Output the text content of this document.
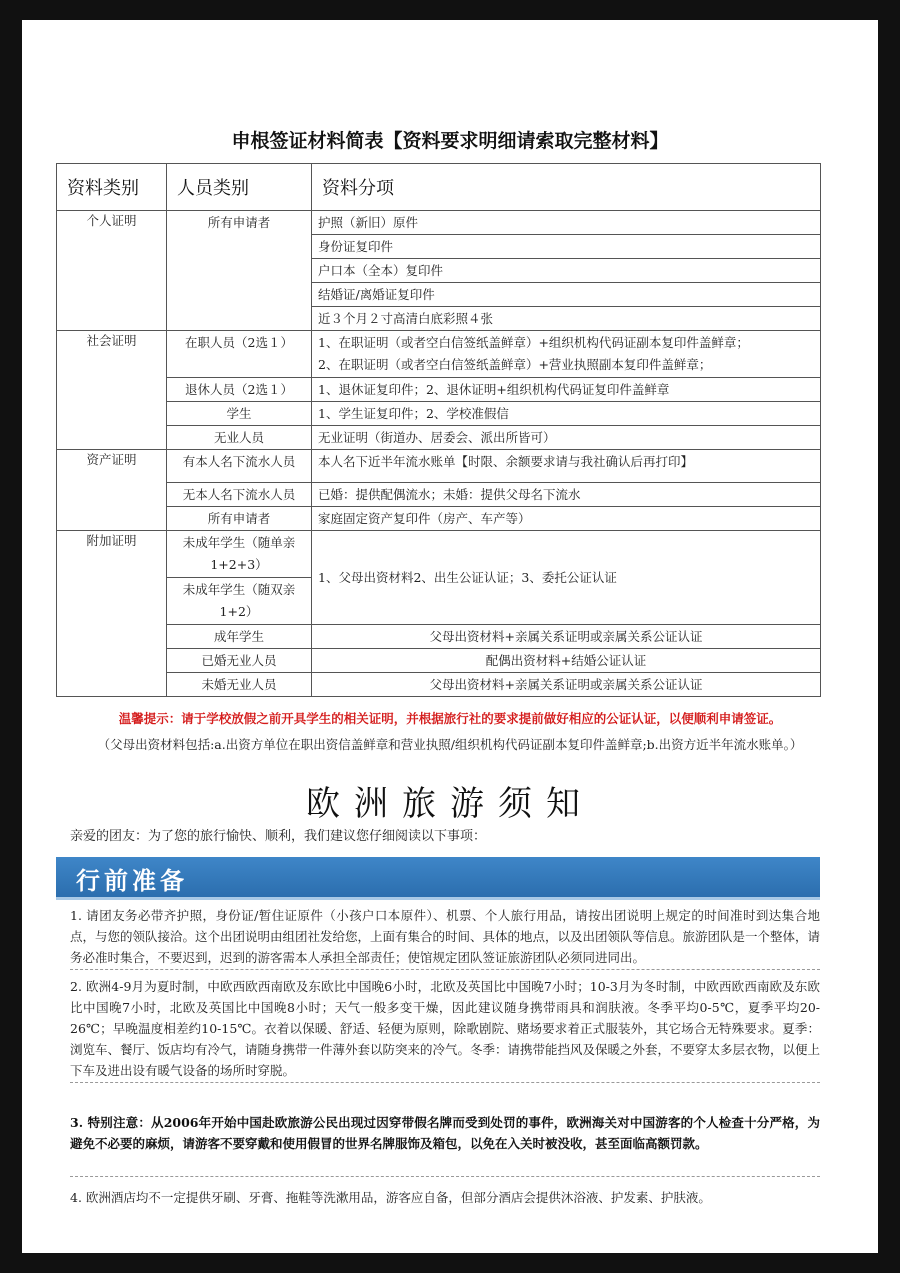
申根签证材料简表【资料要求明细请索取完整材料】
资料类别	人员类别	资料分项
个人证明	所有申请者	护照（新旧）原件
		身份证复印件
		户口本（全本）复印件
		结婚证/离婚证复印件
		近３个月２寸高清白底彩照４张
社会证明	在职人员（2选１）	1、在职证明（或者空白信签纸盖鲜章）+组织机构代码证副本复印件盖鲜章；
2、在职证明（或者空白信签纸盖鲜章）+营业执照副本复印件盖鲜章；

	退休人员（2选１）	1、退休证复印件；2、退休证明+组织机构代码证复印件盖鲜章
	学生	1、学生证复印件；2、学校准假信
	无业人员	无业证明（街道办、居委会、派出所皆可）
资产证明	有本人名下流水人员	本人名下近半年流水账单【时限、余额要求请与我社确认后再打印】
	无本人名下流水人员	已婚：提供配偶流水；未婚：提供父母名下流水
	所有申请者	家庭固定资产复印件（房产、车产等）
附加证明	未成年学生（随单亲1+2+3）	1、父母出资材料2、出生公证认证；3、委托公证认证
	未成年学生（随双亲1+2）	
	成年学生	父母出资材料+亲属关系证明或亲属关系公证认证
	已婚无业人员	配偶出资材料+结婚公证认证
	未婚无业人员	父母出资材料+亲属关系证明或亲属关系公证认证
温馨提示：请于学校放假之前开具学生的相关证明，并根据旅行社的要求提前做好相应的公证认证，以便顺利申请签证。
（父母出资材料包括:a.出资方单位在职出资信盖鲜章和营业执照/组织机构代码证副本复印件盖鲜章;b.出资方近半年流水账单。）
欧洲旅游须知
亲爱的团友：为了您的旅行愉快、顺利，我们建议您仔细阅读以下事项：
行前准备
1. 请团友务必带齐护照，身份证/暂住证原件（小孩户口本原件）、机票、个人旅行用品，请按出团说明上规定的时间准时到达集合地点，与您的领队接洽。这个出团说明由组团社发给您，上面有集合的时间、具体的地点，以及出团领队等信息。旅游团队是一个整体，请务必准时集合，不要迟到，迟到的游客需本人承担全部责任；使馆规定团队签证旅游团队必须同进同出。
2. 欧洲4-9月为夏时制，中欧西欧西南欧及东欧比中国晚6小时，北欧及英国比中国晚7小时；10-3月为冬时制，中欧西欧西南欧及东欧比中国晚7小时，北欧及英国比中国晚8小时；天气一般多变干燥，因此建议随身携带雨具和润肤液。冬季平均0-5℃，夏季平均20-26℃；早晚温度相差约10-15℃。衣着以保暖、舒适、轻便为原则，除歌剧院、赌场要求着正式服装外，其它场合无特殊要求。夏季：浏览车、餐厅、饭店均有冷气，请随身携带一件薄外套以防突来的冷气。冬季：请携带能挡风及保暖之外套，不要穿太多层衣物，以便上下车及进出设有暖气设备的场所时穿脱。
3. 特别注意：从2006年开始中国赴欧旅游公民出现过因穿带假名牌而受到处罚的事件，欧洲海关对中国游客的个人检查十分严格，为避免不必要的麻烦，请游客不要穿戴和使用假冒的世界名牌服饰及箱包，以免在入关时被没收，甚至面临高额罚款。
4. 欧洲酒店均不一定提供牙刷、牙膏、拖鞋等洗漱用品，游客应自备，但部分酒店会提供沐浴液、护发素、护肤液。
